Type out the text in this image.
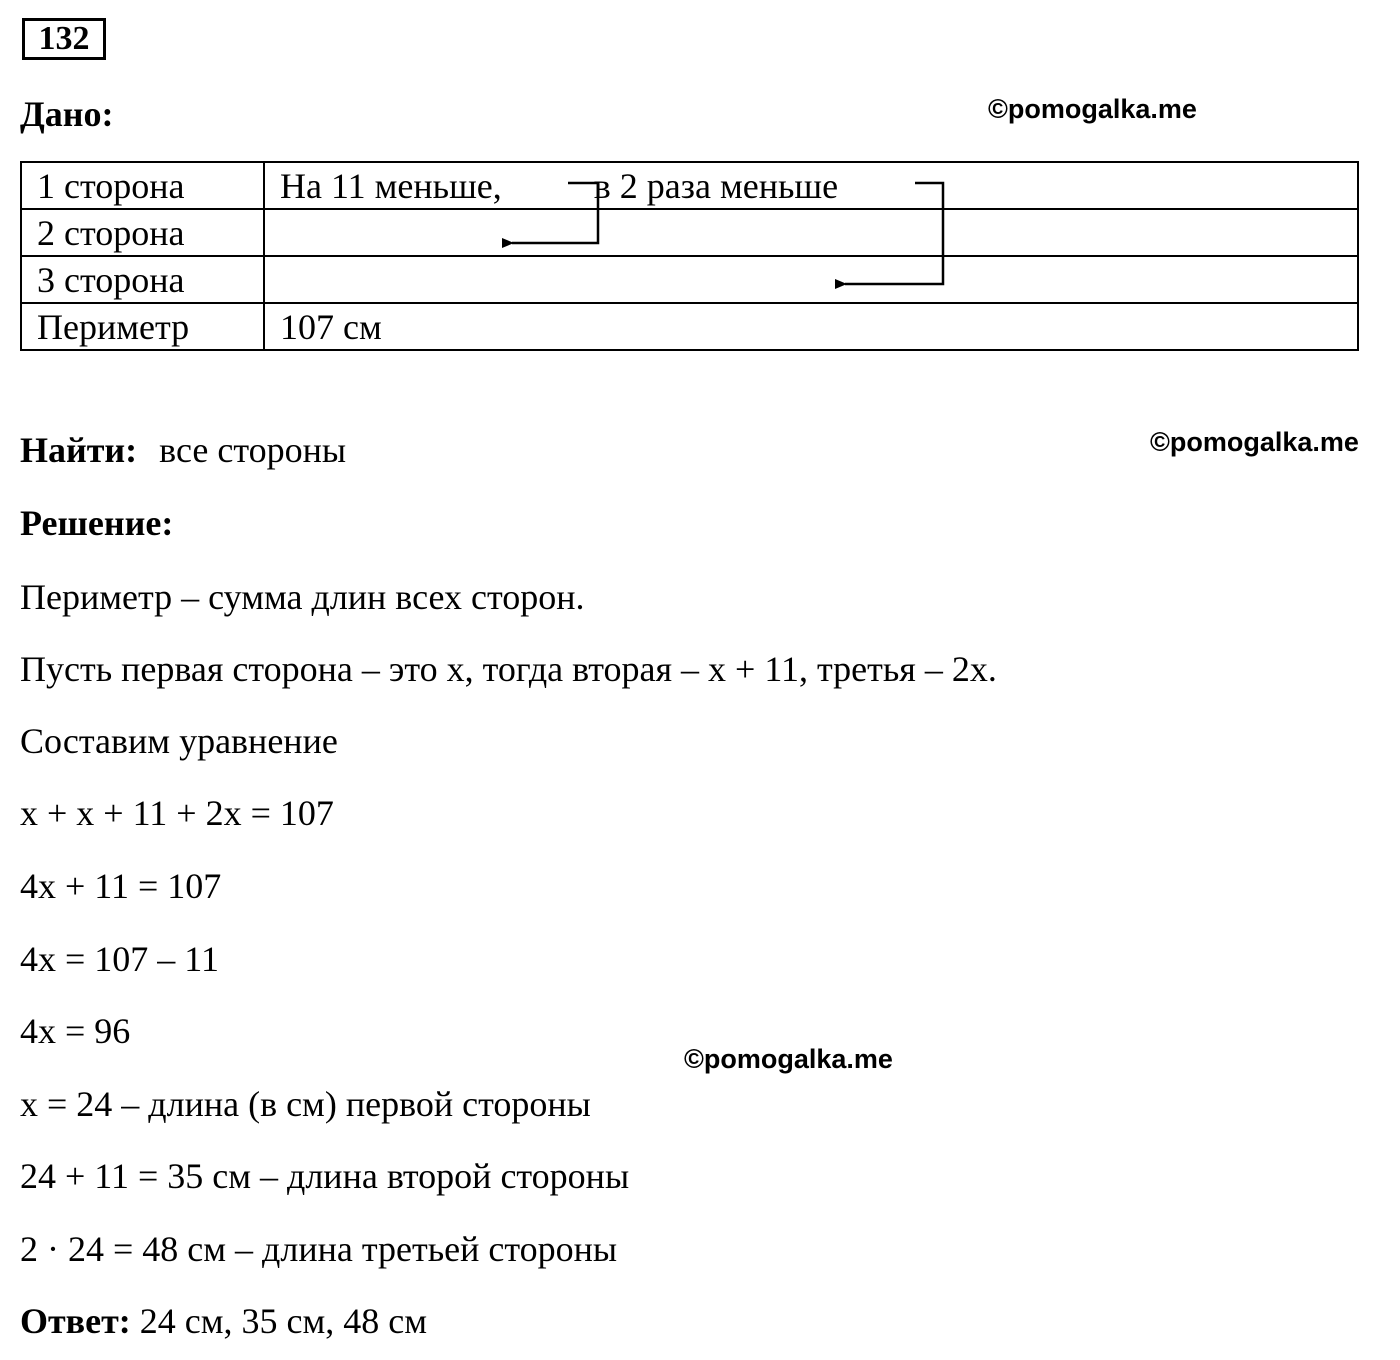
132
Дано:	©pomogalka.me
1 сторона	На 11 меньше, в 2 раза меньше
2 сторона	
3 сторона	
Периметр	107 см
Найти: все стороны	©pomogalka.me
Решение:
Периметр – сумма длин всех сторон.
Пусть первая сторона – это x, тогда вторая – x + 11, третья – 2x.
Составим уравнение
x + x + 11 + 2x = 107
4x + 11 = 107
4x = 107 – 11
4x = 96
©pomogalka.me
x = 24 – длина (в см) первой стороны
24 + 11 = 35 см – длина второй стороны
2 · 24 = 48 см – длина третьей стороны
Ответ: 24 см, 35 см, 48 см
